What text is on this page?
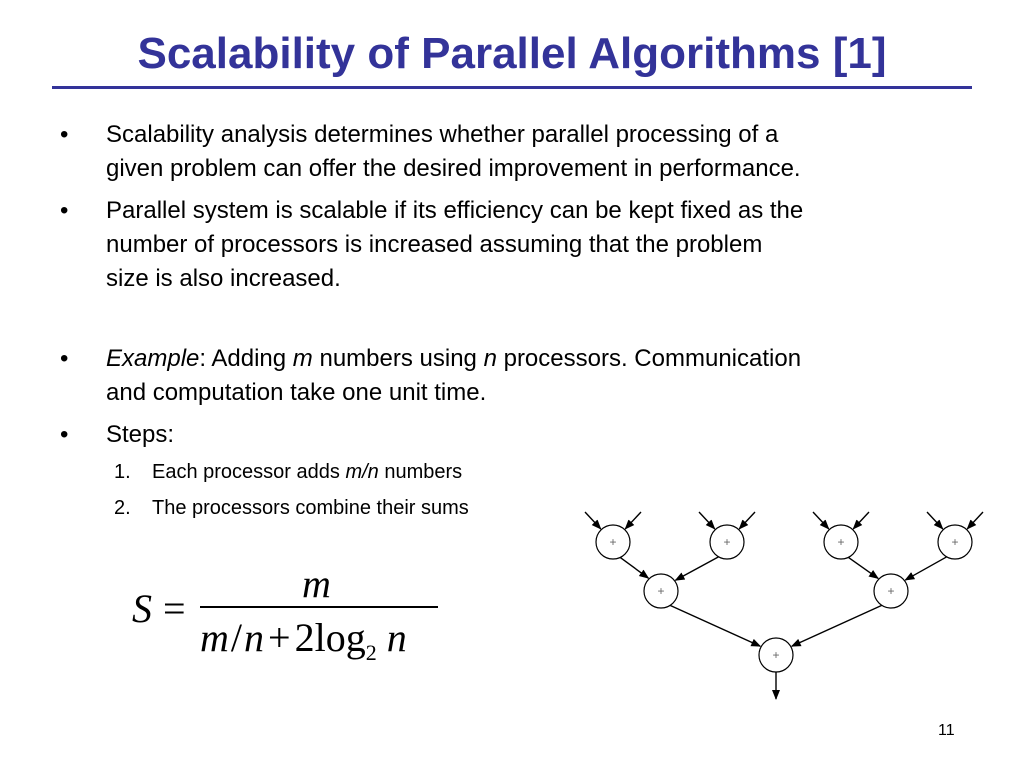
Scalability of Parallel Algorithms [1]
• Scalability analysis determines whether parallel processing of a
given problem can offer the desired improvement in performance.
• Parallel system is scalable if its efficiency can be kept fixed as the
number of processors is increased assuming that the problem
size is also increased.
• Example: Adding m numbers using n processors. Communication
and computation take one unit time.
• Steps:
1. Each processor adds m/n numbers
2. The processors combine their sums
S =
m
$m/n + 2\log_2$ n
+	+	+	+
+	+
+
11
